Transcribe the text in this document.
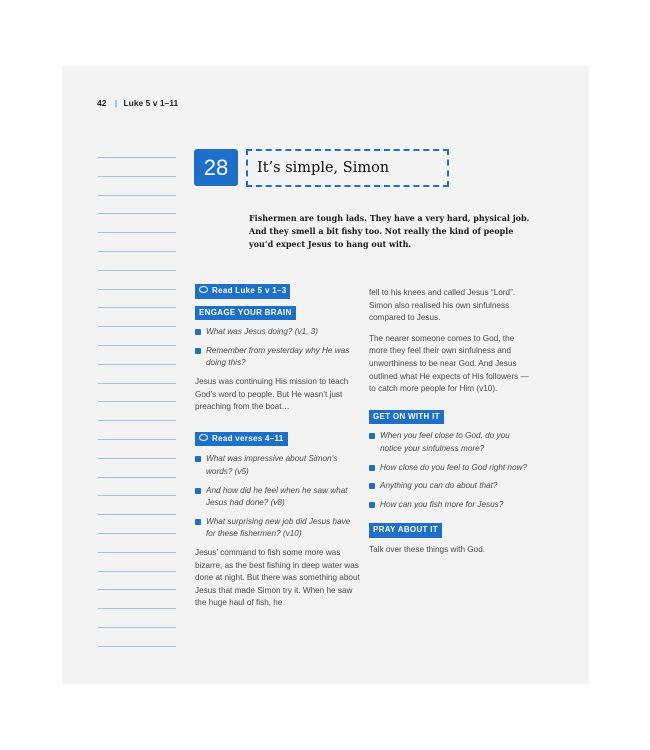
42 | Luke 5 v 1–11
28	It’s simple, Simon
Fishermen are tough lads. They have a very hard, physical job. And they smell a bit fishy too. Not really the kind of people you’d expect Jesus to hang out with.
Read Luke 5 v 1–3
ENGAGE YOUR BRAIN
What was Jesus doing? (v1, 3)
Remember from yesterday why He was doing this?

Jesus was continuing His mission to teach God’s word to people. But He wasn’t just preaching from the boat…

Read verses 4–11
What was impressive about Simon’s words? (v5)
And how did he feel when he saw what Jesus had done? (v8)
What surprising new job did Jesus have for these fishermen? (v10)

Jesus’ command to fish some more was bizarre, as the best fishing in deep water was done at night. But there was something about Jesus that made Simon try it. When he saw the huge haul of fish, he

fell to his knees and called Jesus “Lord”. Simon also realised his own sinfulness compared to Jesus.

The nearer someone comes to God, the more they feel their own sinfulness and unworthiness to be near God. And Jesus outlined what He expects of His followers — to catch more people for Him (v10).

GET ON WITH IT
When you feel close to God, do you notice your sinfulness more?
How close do you feel to God right now?
Anything you can do about that?
How can you fish more for Jesus?
PRAY ABOUT IT

Talk over these things with God.
